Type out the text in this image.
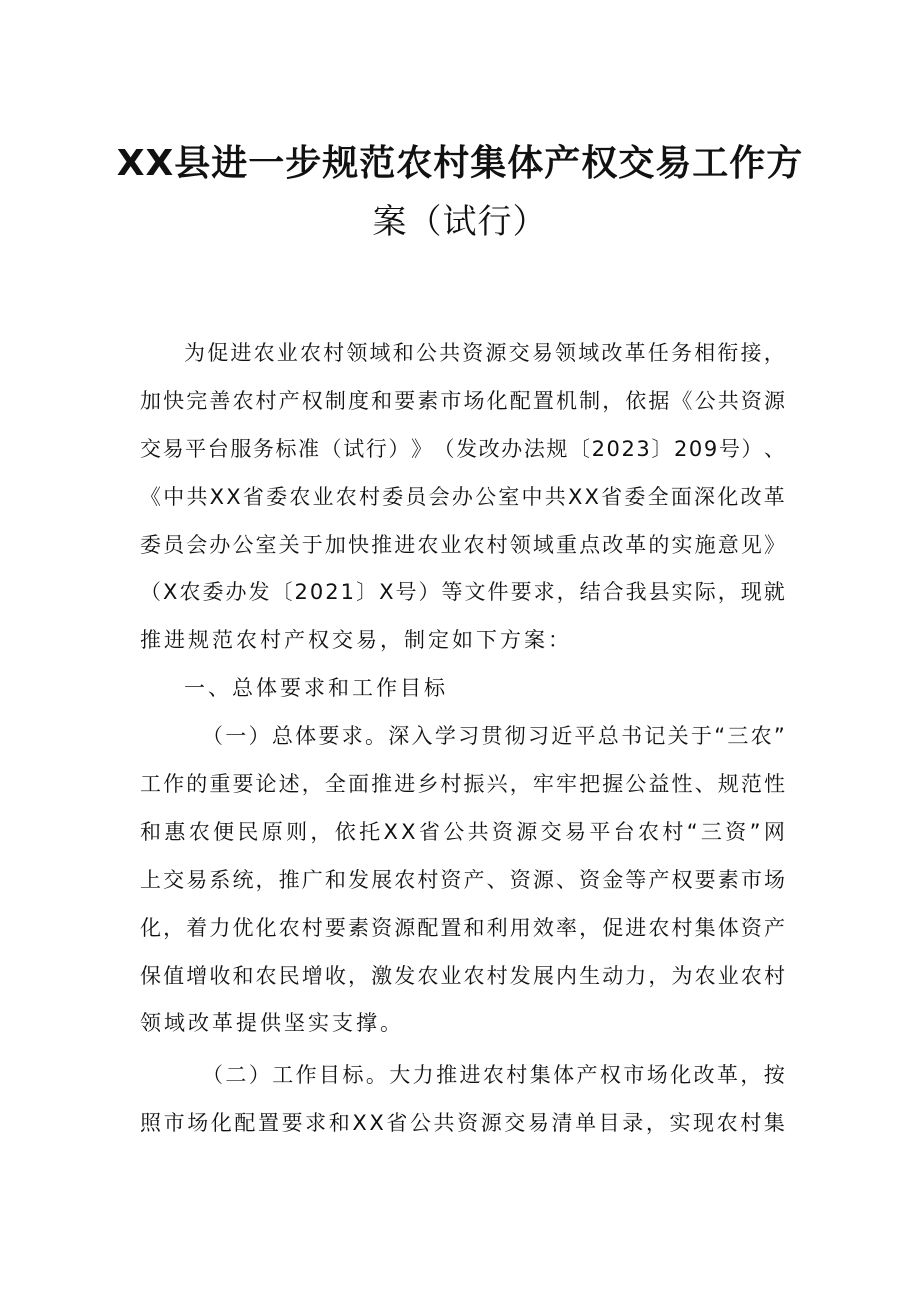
XX县进一步规范农村集体产权交易工作方
案（试行）
为 促 进 农 业 农 村 领 域 和 公 共 资 源 交 易 领 域 改 革 任 务 相 衔 接 ，
加 快 完 善 农 村 产 权 制 度 和 要 素 市 场 化 配 置 机 制 ， 依 据 《 公 共 资 源
交 易 平 台 服 务 标 准 （ 试 行 ） 》 （ 发 改 办 法 规 〔 2 0 2 3 〕 2 0 9 号 ） 、
《 中 共 X X 省 委 农 业 农 村 委 员 会 办 公 室 中 共 X X 省 委 全 面 深 化 改 革
委 员 会 办 公 室 关 于 加 快 推 进 农 业 农 村 领 域 重 点 改 革 的 实 施 意 见 》
（ X 农 委 办 发 〔 2 0 2 1 〕 X 号 ） 等 文 件 要 求 ， 结 合 我 县 实 际 ， 现 就
推进规范农村产权交易，制定如下方案：
一、总体要求和工作目标
（ 一 ） 总 体 要 求 。 深 入 学 习 贯 彻 习 近 平 总 书 记 关 于 “ 三 农 ”
工 作 的 重 要 论 述 ， 全 面 推 进 乡 村 振 兴 ， 牢 牢 把 握 公 益 性 、 规 范 性
和 惠 农 便 民 原 则 ， 依 托 X X 省 公 共 资 源 交 易 平 台 农 村 “ 三 资 ” 网
上 交 易 系 统 ， 推 广 和 发 展 农 村 资 产 、 资 源 、 资 金 等 产 权 要 素 市 场
化 ， 着 力 优 化 农 村 要 素 资 源 配 置 和 利 用 效 率 ， 促 进 农 村 集 体 资 产
保 值 增 收 和 农 民 增 收 ， 激 发 农 业 农 村 发 展 内 生 动 力 ， 为 农 业 农 村
领域改革提供坚实支撑。
（ 二 ） 工 作 目 标 。 大 力 推 进 农 村 集 体 产 权 市 场 化 改 革 ， 按
照 市 场 化 配 置 要 求 和 X X 省 公 共 资 源 交 易 清 单 目 录 ， 实 现 农 村 集
